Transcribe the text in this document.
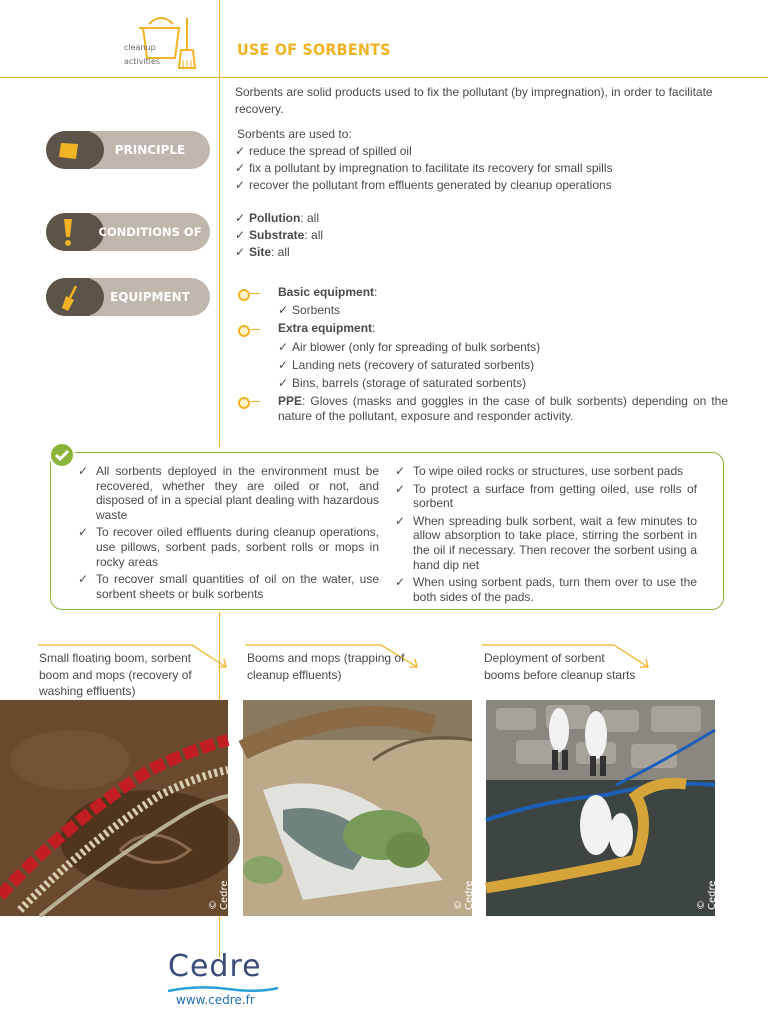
cleanup
activities
USE OF SORBENTS
Sorbents are solid products used to fix the pollutant (by impregnation), in order to facilitate recovery.
PRINCIPLE
Sorbents are used to:
✓ reduce the spread of spilled oil
✓ fix a pollutant by impregnation to facilitate its recovery for small spills
✓ recover the pollutant from effluents generated by cleanup operations
CONDITIONS OF USE
✓ Pollution: all
✓ Substrate: all
✓ Site: all
EQUIPMENT	Basic equipment:
✓ Sorbents
Extra equipment:
✓ Air blower (only for spreading of bulk sorbents)
✓ Landing nets (recovery of saturated sorbents)
✓ Bins, barrels (storage of saturated sorbents)
PPE: Gloves (masks and goggles in the case of bulk sorbents) depending on the nature of the pollutant, exposure and responder activity.
✓ All sorbents deployed in the environment must be recovered, whether they are oiled or not, and disposed of in a special plant dealing with hazardous waste
✓ To recover oiled effluents during cleanup operations, use pillows, sorbent pads, sorbent rolls or mops in rocky areas
✓ To recover small quantities of oil on the water, use sorbent sheets or bulk sorbents
✓ To wipe oiled rocks or structures, use sorbent pads
✓ To protect a surface from getting oiled, use rolls of sorbent
✓ When spreading bulk sorbent, wait a few minutes to allow absorption to take place, stirring the sorbent in the oil if necessary. Then recover the sorbent using a hand dip net
✓ When using sorbent pads, turn them over to use the both sides of the pads.
Small floating boom, sorbent boom and mops (recovery of washing effluents)
Booms and mops (trapping of cleanup effluents)
Deployment of sorbent booms before cleanup starts
© Cedre	© Cedre	© Cedre
Cedre
www.cedre.fr
